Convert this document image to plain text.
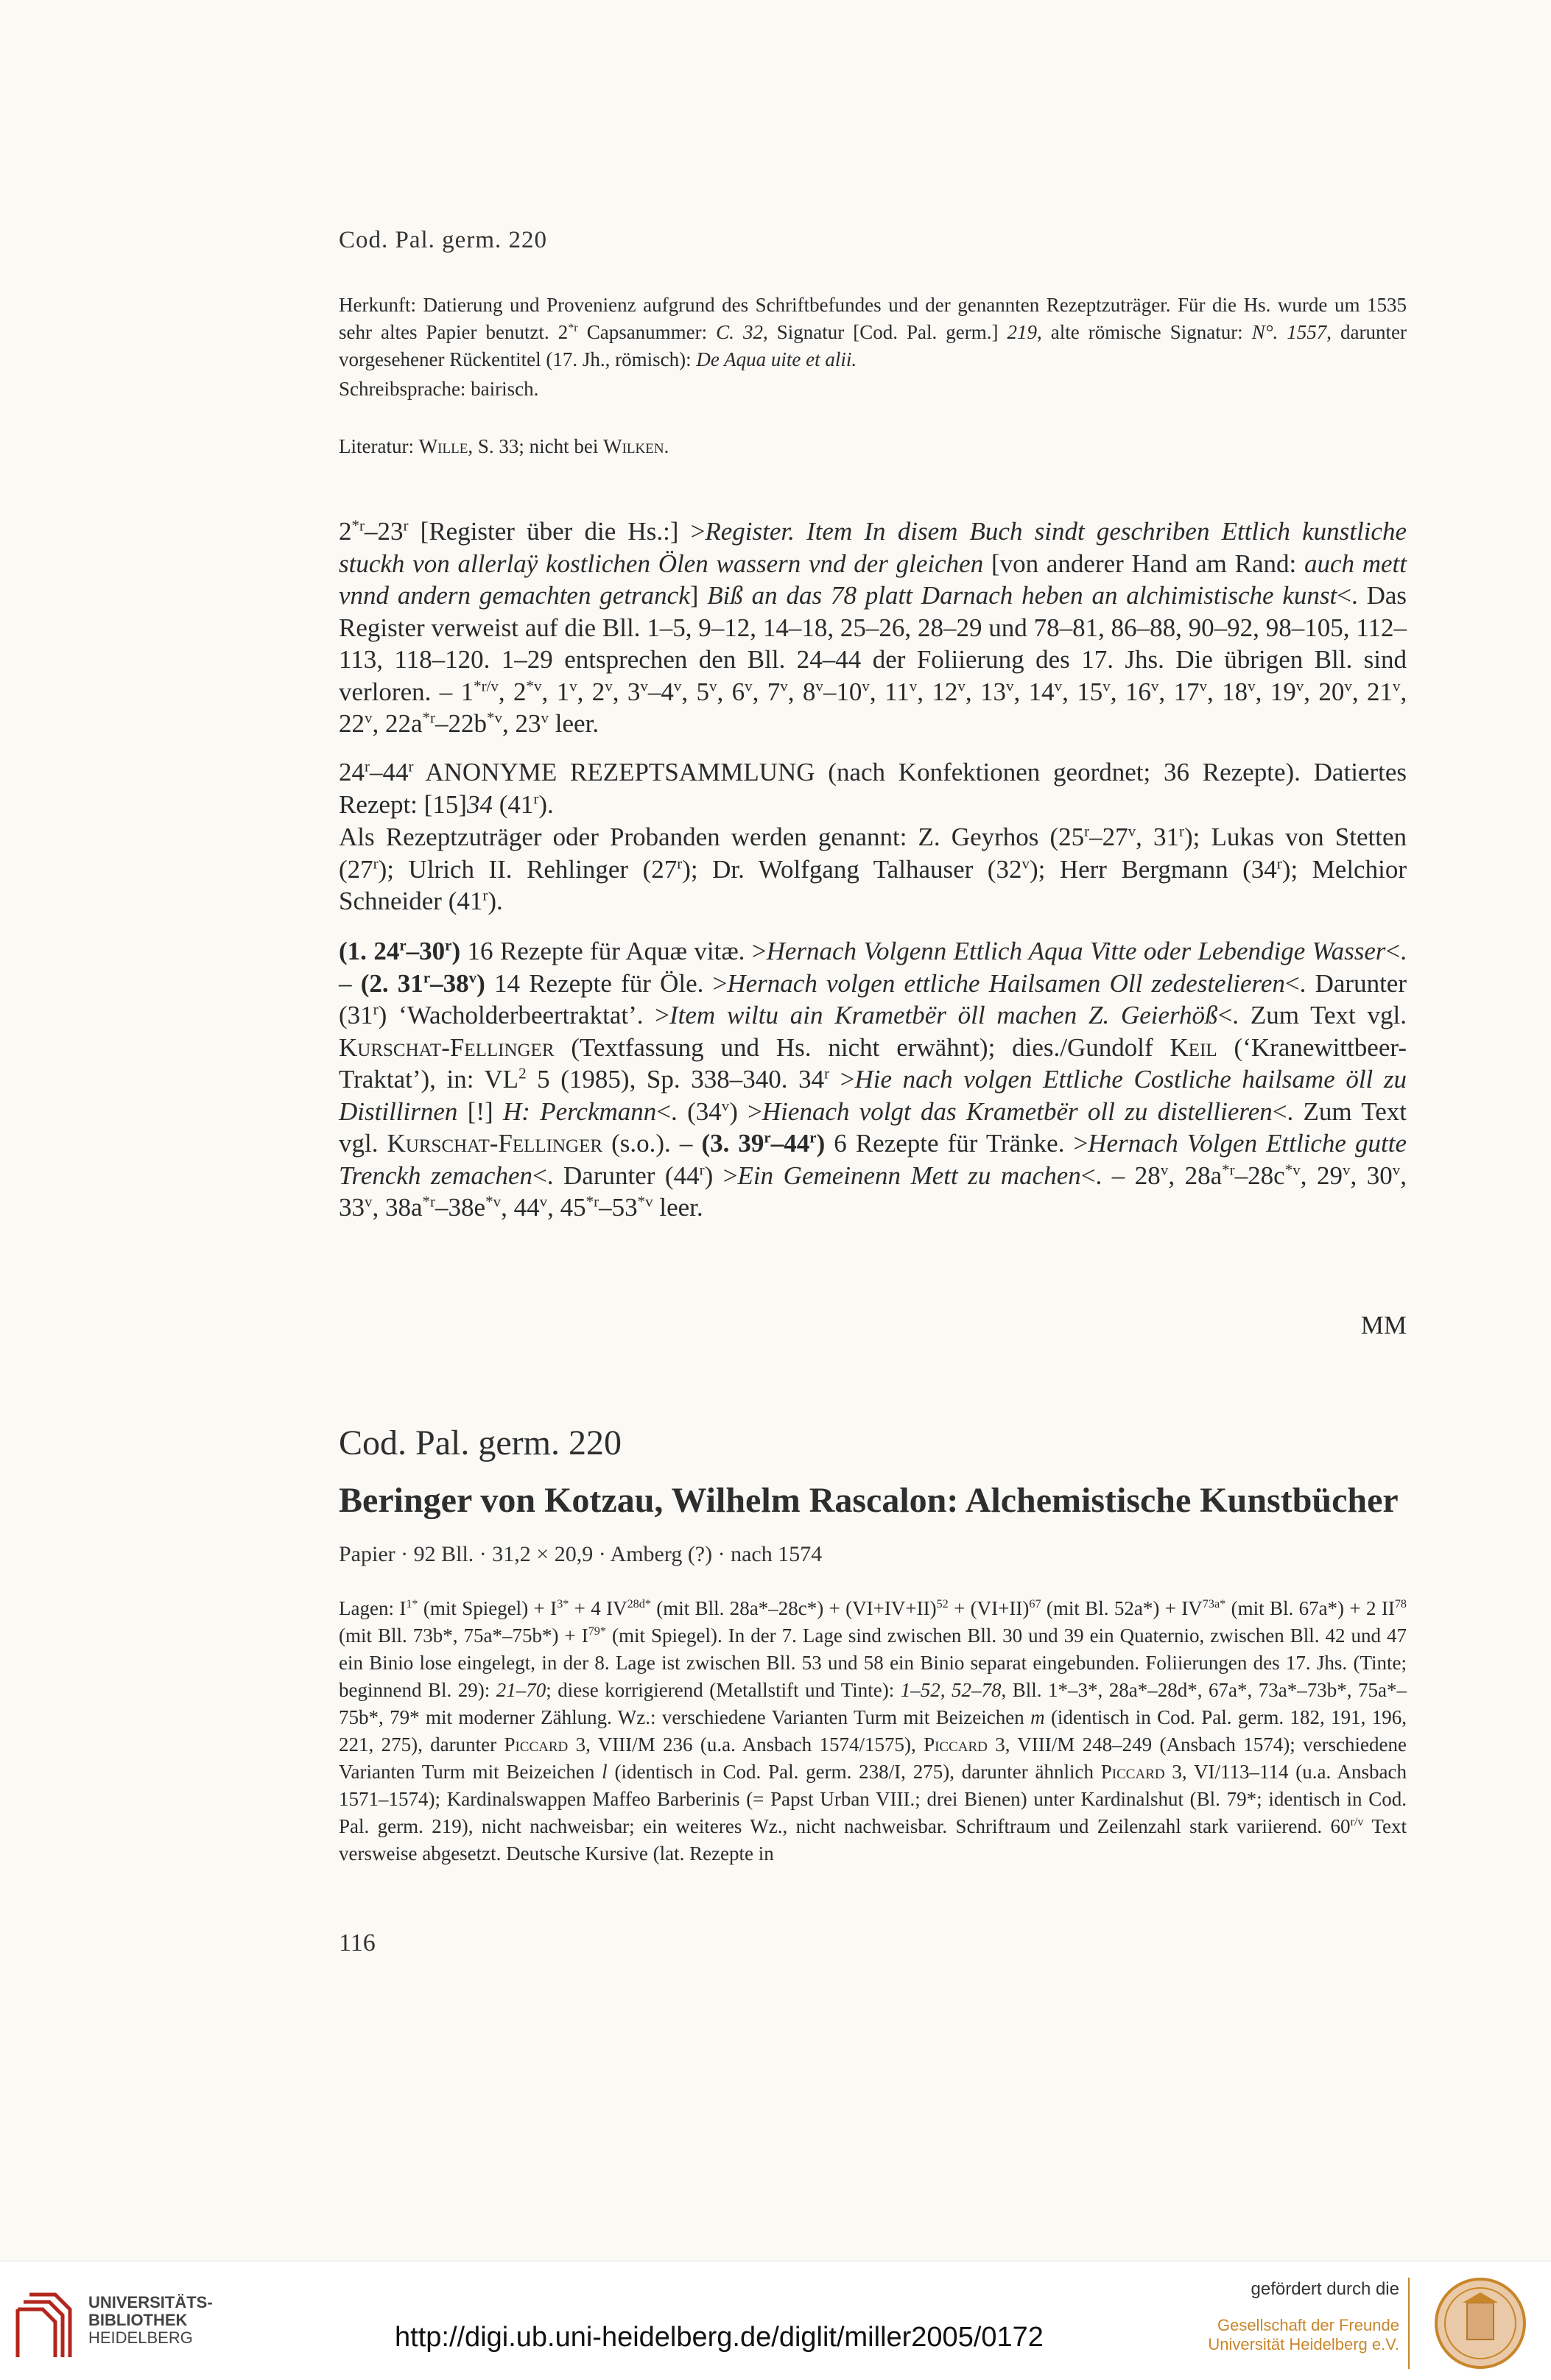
Cod. Pal. germ. 220

Herkunft: Datierung und Provenienz aufgrund des Schriftbefundes und der genannten Rezeptzuträger. Für die Hs. wurde um 1535 sehr altes Papier benutzt. 2$^{*r}$ Capsanummer: C. 32, Signatur [Cod. Pal. germ.] 219, alte römische Signatur: N°. 1557, darunter vorgesehener Rückentitel (17. Jh., römisch): De Aqua uite et alii.

Schreibsprache: bairisch.

Literatur: Wille, S. 33; nicht bei Wilken.

2$^{*r}$–23$^r$ [Register über die Hs.:] >Register. Item In disem Buch sindt geschriben Ettlich kunstliche stuckh von allerlaÿ kostlichen Ölen wassern vnd der gleichen [von anderer Hand am Rand: auch mett vnnd andern gemachten getranck] Biß an das 78 platt Darnach heben an alchimistische kunst<. Das Register verweist auf die Bll. 1–5, 9–12, 14–18, 25–26, 28–29 und 78–81, 86–88, 90–92, 98–105, 112–113, 118–120. 1–29 entsprechen den Bll. 24–44 der Foliierung des 17. Jhs. Die übrigen Bll. sind verloren. – $1^{*r/v}$, 2$^{*v}$, 1$^v$, 2$^v$, 3$^v$–4$^v$, 5$^v$, 6$^v$, 7$^v$, 8$^v$–10$^v$, 11$^v$, 12$^v$, 13$^v$, 14$^v$, 15$^v$, 16$^v$, 17$^v$, 18$^v$, 19$^v$, 20$^v$, 21$^v$, 22$^v$, $22a^{*r}-22b^{*v}$, 23$^v$ leer.

24$^r$–44$^r$ ANONYME REZEPTSAMMLUNG (nach Konfektionen geordnet; 36 Rezepte). Datiertes Rezept: [15]34 (41$^r$).

Als Rezeptzuträger oder Probanden werden genannt: Z. Geyrhos (25$^r$–27$^v$, 31$^r$); Lukas von Stetten (27$^r$); Ulrich II. Rehlinger (27$^r$); Dr. Wolfgang Talhauser (32$^v$); Herr Bergmann (34$^r$); Melchior Schneider (41$^r$).

(1. 24$^r$–30$^r$) 16 Rezepte für Aquæ vitæ. >Hernach Volgenn Ettlich Aqua Vitte oder Lebendige Wasser<. – (2. 31$^r$–38$^v$) 14 Rezepte für Öle. >Hernach volgen ettliche Hailsamen Oll zedestelieren<. Darunter (31$^r$) ‘Wacholderbeertraktat’. >Item wiltu ain Krametbër öll machen Z. Geierhöß<. Zum Text vgl. Kurschat-Fellinger (Textfassung und Hs. nicht erwähnt); dies./Gundolf Keil (‘Kranewittbeer-Traktat’), in: $VL^2$ 5 (1985), Sp. 338–340. $34^r >Hie$ nach volgen Ettliche Costliche hailsame öll zu Distillirnen [!] H: Perckmann<. $(34^v)$ >Hienach volgt das Krametbër oll zu distellieren<. Zum Text vgl. Kurschat-Fellinger (s.o.). – (3. 39$^r$–44$^r$) 6 Rezepte für Tränke. >Hernach Volgen Ettliche gutte Trenckh zemachen<. Darunter $(44^r) >Ein$ Gemeinenn Mett zu machen<. – 28$^v$, $28a^{*r}-28c^{*v}$, 29$^v$, 30$^v$, 33$^v$, $38a^{*r}-38e^{*v}$, 44$^v$, 45$^{*r}$–53$^{*v}$ leer.

MM
Cod. Pal. germ. 220
Beringer von Kotzau, Wilhelm Rascalon: Alchemistische Kunstbücher
Papier · 92 Bll. · 31,2 × 20,9 · Amberg (?) · nach 1574

Lagen: $I^{1*}$ (mit Spiegel) + $I^{3*} + 4$ $IV^{28d*}$ (mit Bll. $28a*-28c*) + (VI+IV+II)^{52} + (VI+II)^{67}$ (mit Bl. $52a*) + IV^{73a*}$ (mit Bl. 67a*) + 2 II$^{78}$ (mit Bll. 73b*, $75a*-75b*) + I^{79*}$ (mit Spiegel). In der 7. Lage sind zwischen Bll. 30 und 39 ein Quaternio, zwischen Bll. 42 und 47 ein Binio lose eingelegt, in der 8. Lage ist zwischen Bll. 53 und 58 ein Binio separat eingebunden. Foliierungen des 17. Jhs. (Tinte; beginnend Bl. 29): 21–70; diese korrigierend (Metallstift und Tinte): 1–52, 52–78, Bll. 1*–3*, 28a*–28d*, 67a*, 73a*–73b*, 75a*–75b*, 79* mit moderner Zählung. Wz.: verschiedene Varianten Turm mit Beizeichen m (identisch in Cod. Pal. germ. 182, 191, 196, 221, 275), darunter Piccard 3, VIII/M 236 (u.a. Ansbach 1574/1575), Piccard 3, VIII/M 248–249 (Ansbach 1574); verschiedene Varianten Turm mit Beizeichen l (identisch in Cod. Pal. germ. 238/I, 275), darunter ähnlich Piccard 3, VI/113–114 (u.a. Ansbach 1571–1574); Kardinalswappen Maffeo Barberinis (= Papst Urban VIII.; drei Bienen) unter Kardinalshut (Bl. 79*; identisch in Cod. Pal. germ. 219), nicht nachweisbar; ein weiteres Wz., nicht nachweisbar. Schriftraum und Zeilenzahl stark variierend. $60^{r/v}$ Text versweise abgesetzt. Deutsche Kursive (lat. Rezepte in

116
UNIVERSITÄTS-
BIBLIOTHEK
HEIDELBERG	http://digi.ub.uni-heidelberg.de/diglit/miller2005/0172
gefördert durch die
Gesellschaft der Freunde
Universität Heidelberg e.V.
